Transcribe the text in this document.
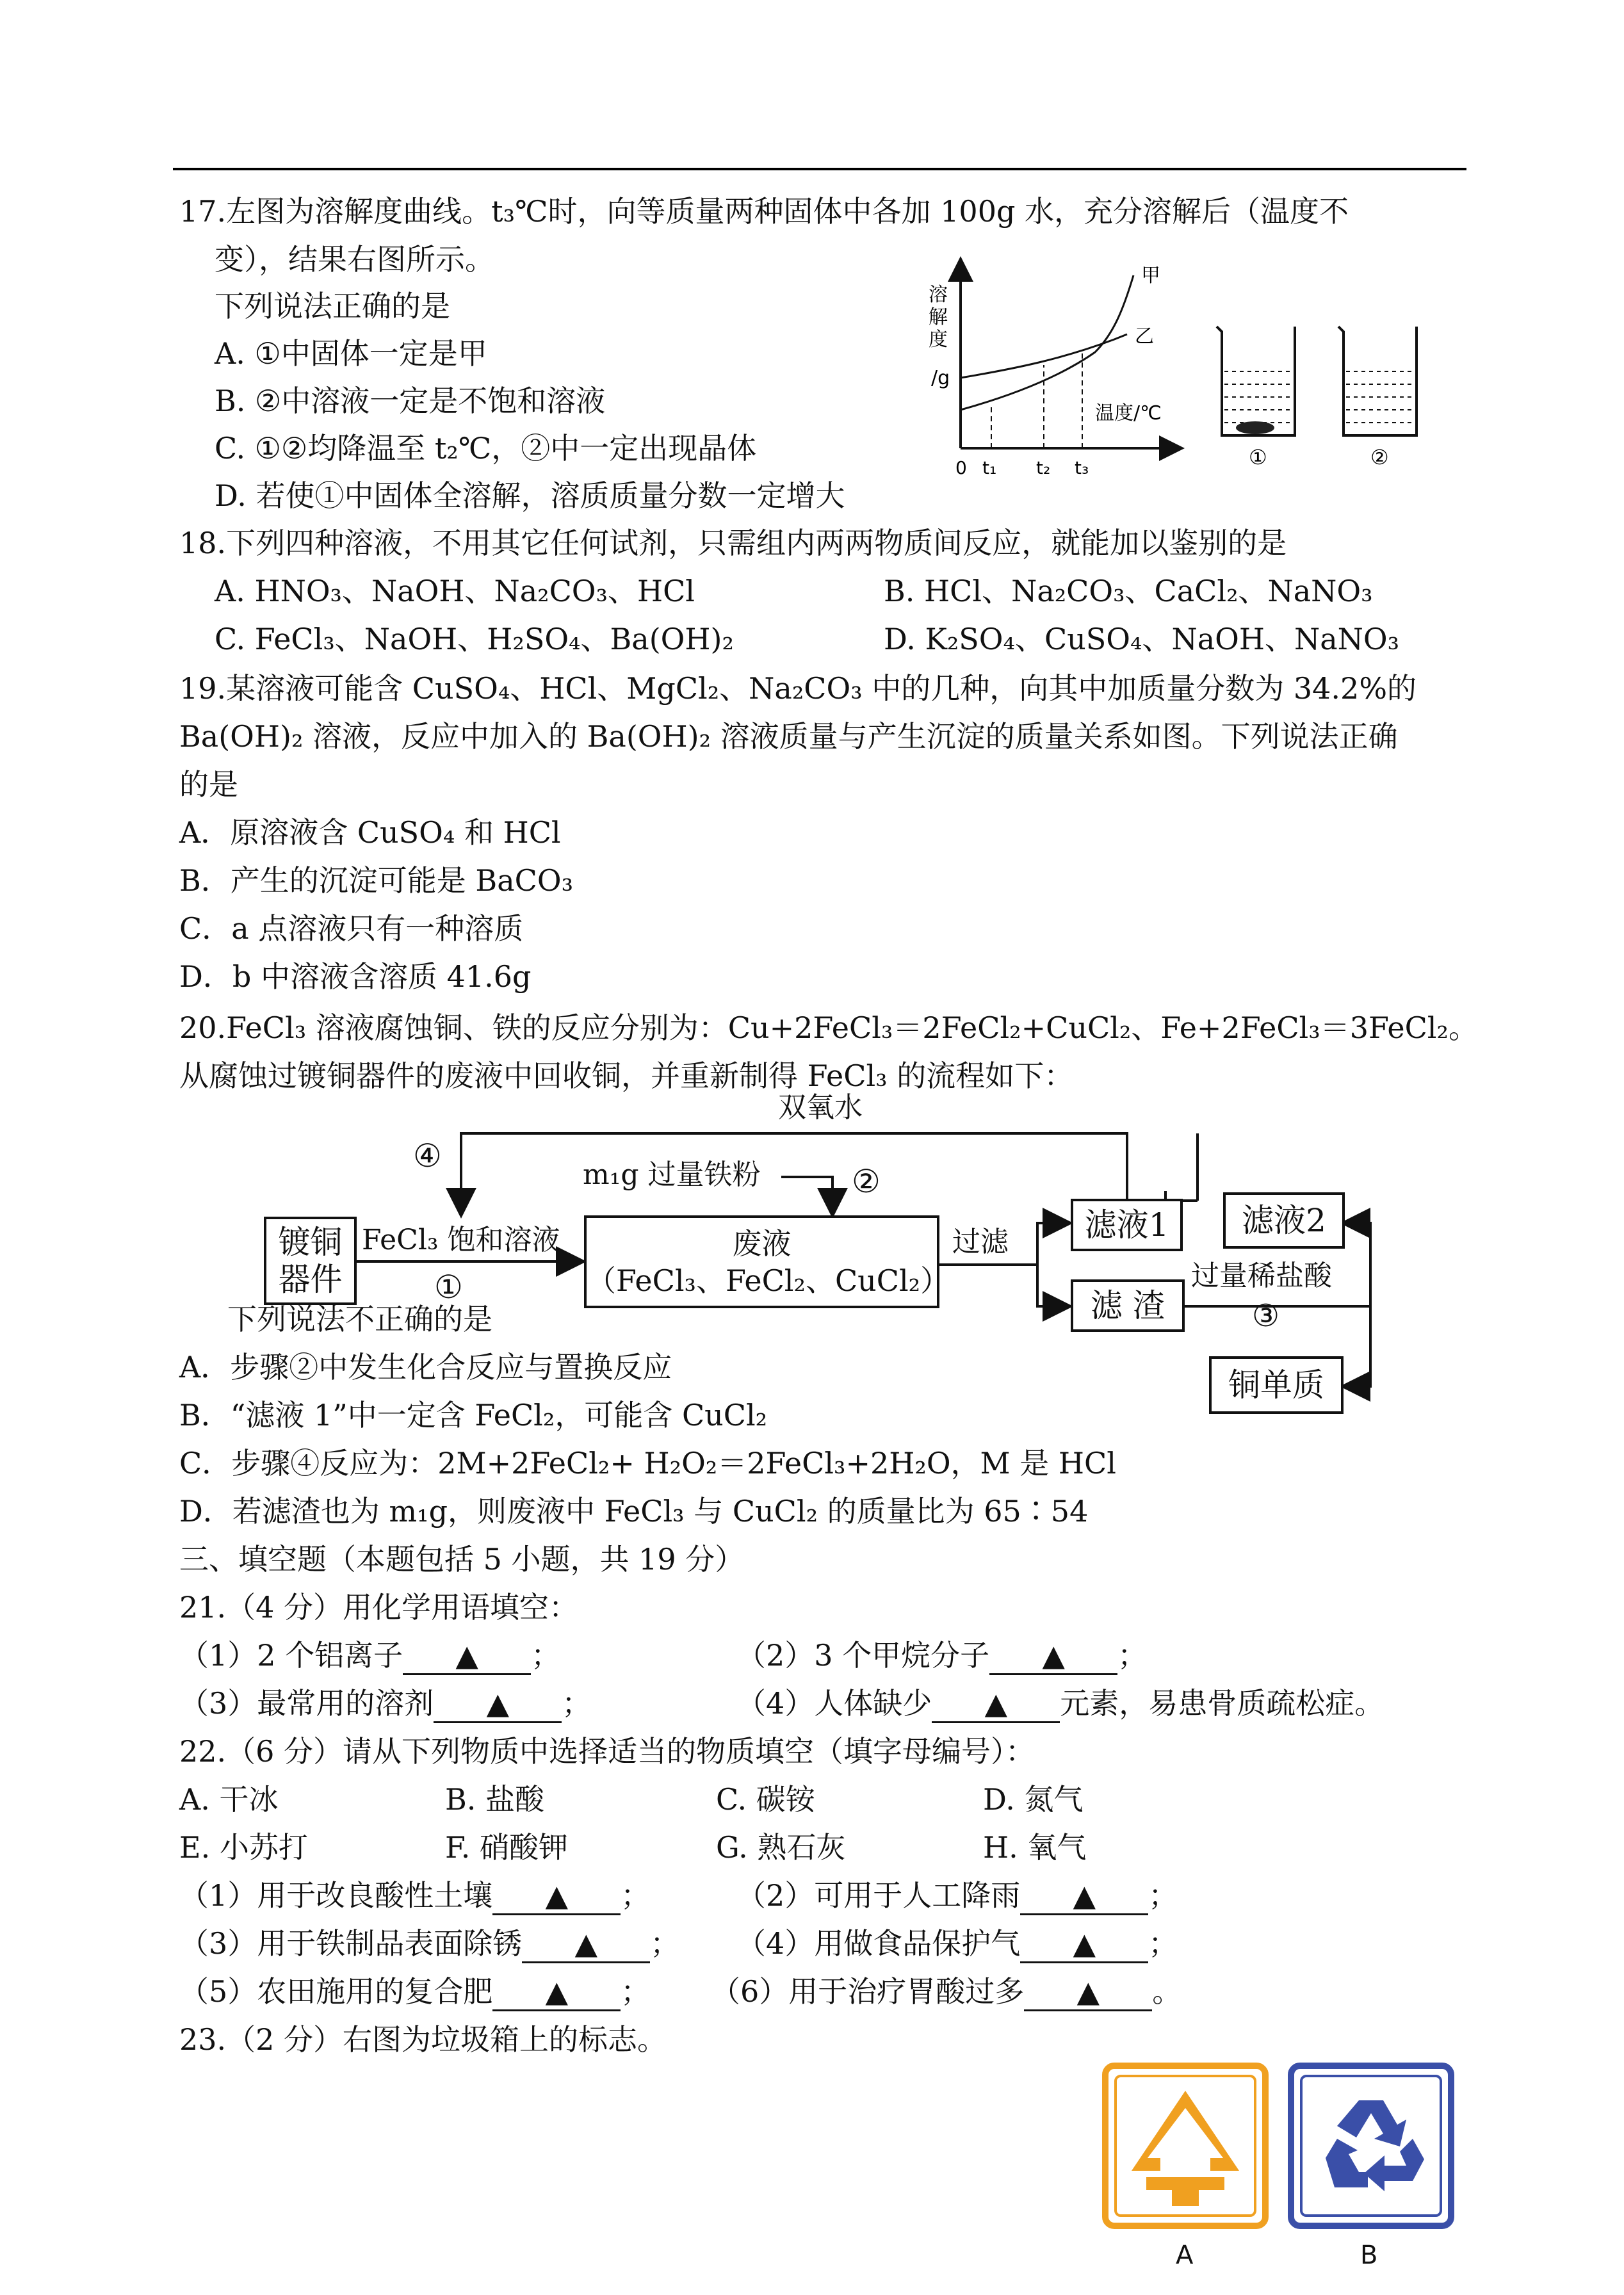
17.左图为溶解度曲线。t₃℃时，向等质量两种固体中各加 100g 水，充分溶解后（温度不
变），结果右图所示。
下列说法正确的是
A. ①中固体一定是甲
B. ②中溶液一定是不饱和溶液
C. ①②均降温至 t₂℃，②中一定出现晶体
D. 若使①中固体全溶解，溶质质量分数一定增大
溶
解
度
/g
温度/℃
0 t₁ t₂ t₃
甲
乙
①	②
18.下列四种溶液，不用其它任何试剂，只需组内两两物质间反应，就能加以鉴别的是
A. HNO₃、NaOH、Na₂CO₃、HCl	B. HCl、Na₂CO₃、CaCl₂、NaNO₃
C. FeCl₃、NaOH、H₂SO₄、Ba(OH)₂	D. K₂SO₄、CuSO₄、NaOH、NaNO₃
19.某溶液可能含 CuSO₄、HCl、MgCl₂、Na₂CO₃ 中的几种，向其中加质量分数为 34.2%的
Ba(OH)₂ 溶液，反应中加入的 Ba(OH)₂ 溶液质量与产生沉淀的质量关系如图。下列说法正确
的是
A．原溶液含 CuSO₄ 和 HCl
B．产生的沉淀可能是 BaCO₃
C．a 点溶液只有一种溶质
D．b 中溶液含溶质 41.6g
20.FeCl₃ 溶液腐蚀铜、铁的反应分别为：Cu+2FeCl₃＝2FeCl₂+CuCl₂、Fe+2FeCl₃＝3FeCl₂。
从腐蚀过镀铜器件的废液中回收铜，并重新制得 FeCl₃ 的流程如下：
双氧水
④
m₁g 过量铁粉	②
镀铜
器件
FeCl₃ 饱和溶液
①
废液
（FeCl₃、FeCl₂、CuCl₂）
过滤 滤液1 滤液2
滤 渣
过量稀盐酸
③
铜单质
下列说法不正确的是
A．步骤②中发生化合反应与置换反应
B．“滤液 1”中一定含 FeCl₂，可能含 CuCl₂
C．步骤④反应为：2M+2FeCl₂+ H₂O₂＝2FeCl₃+2H₂O，M 是 HCl
D．若滤渣也为 m₁g，则废液中 FeCl₃ 与 CuCl₂ 的质量比为 65∶54
三、填空题（本题包括 5 小题，共 19 分）
21.（4 分）用化学用语填空：
（1）2 个铝离子 ▲ ；	（2）3 个甲烷分子 ▲ ；
（3）最常用的溶剂 ▲ ；	（4）人体缺少 ▲ 元素，易患骨质疏松症。
22.（6 分）请从下列物质中选择适当的物质填空（填字母编号）：
A. 干冰	B. 盐酸	C. 碳铵	D. 氮气
E. 小苏打	F. 硝酸钾	G. 熟石灰	H. 氧气
（1）用于改良酸性土壤 ▲ ；	（2）可用于人工降雨 ▲ ；
（3）用于铁制品表面除锈 ▲ ； （4）用做食品保护气 ▲ ；
（5）农田施用的复合肥 ▲ ； （6）用于治疗胃酸过多 ▲ 。
23.（2 分）右图为垃圾箱上的标志。
A	B
